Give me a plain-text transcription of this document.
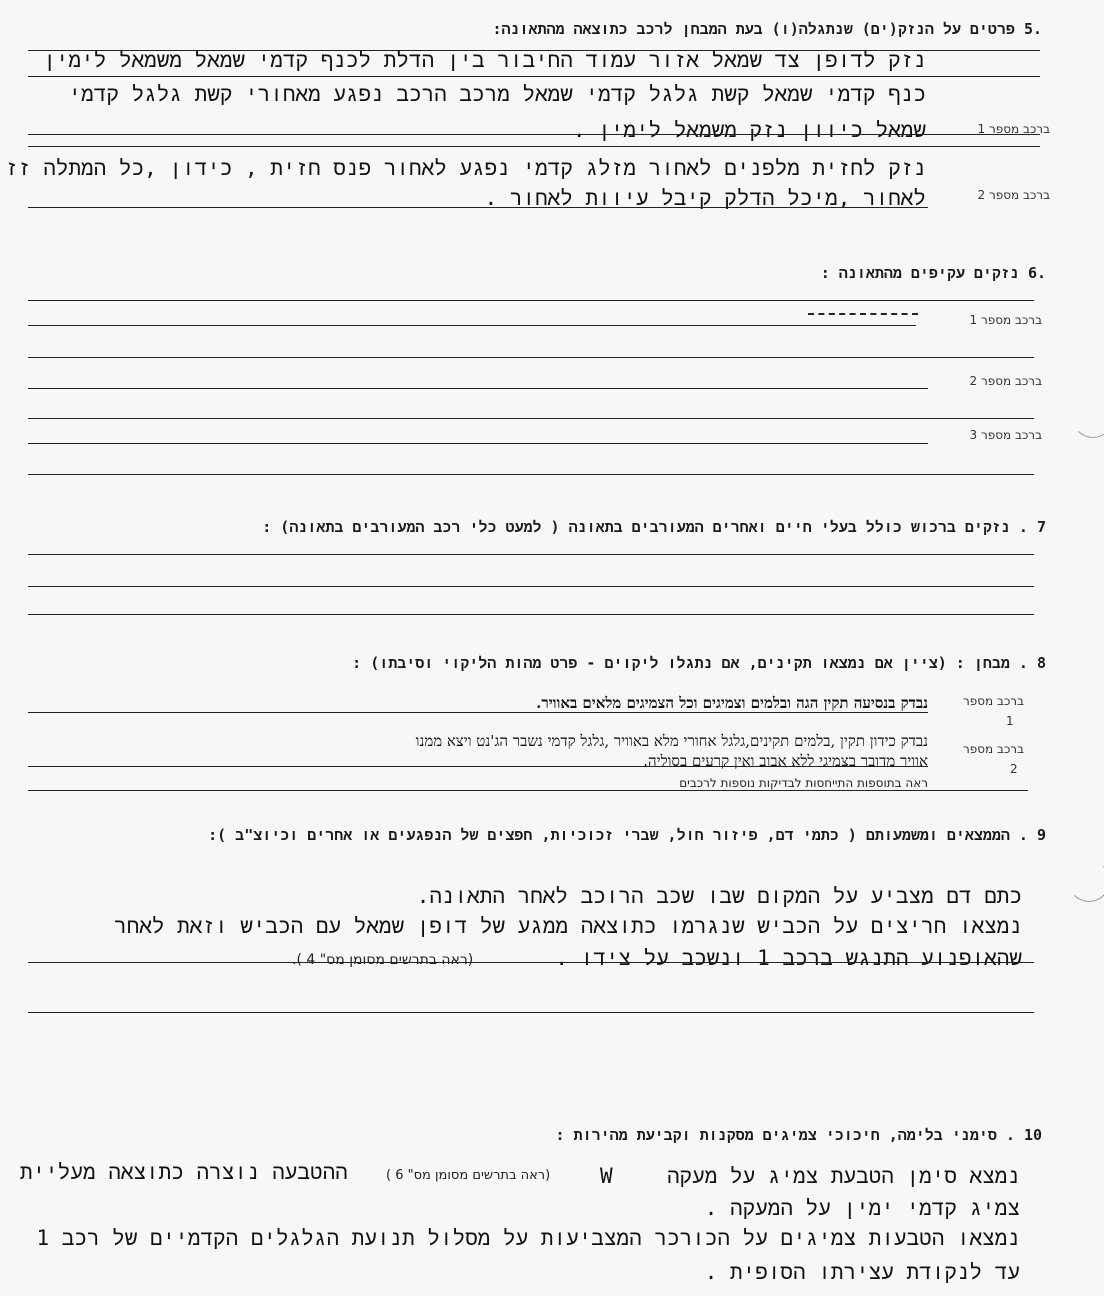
.5 פרטים על הנזק(ים) שנתגלה(ו) בעת המבחן לרכב כתוצאה מהתאונה:
נזק לדופן צד שמאל אזור עמוד החיבור בין הדלת לכנף קדמי שמאל משמאל לימין
כנף קדמי שמאל קשת גלגל קדמי שמאל מרכב הרכב נפגע מאחורי קשת גלגל קדמי
שמאל כיוון נזק משמאל לימין .	ברכב מספר 1
נזק לחזית מלפנים לאחור מזלג קדמי נפגע לאחור פנס חזית , כידון ,כל המתלה זז
לאחור ,מיכל הדלק קיבל עיוות לאחור .	ברכב מספר 2
.6 נזקים עקיפים מהתאונה :
ברכב מספר 1
ברכב מספר 2
ברכב מספר 3
7 . נזקים ברכוש כולל בעלי חיים ואחרים המעורבים בתאונה ( למעט כלי רכב המעורבים בתאונה) :
8 . מבחן : (ציין אם נמצאו תקינים, אם נתגלו ליקוים - פרט מהות הליקוי וסיבתו) :
ברכב מספר
1
נבדק בנסיעה תקין הגה ובלמים וצמיגים וכל הצמיגים מלאים באוויר.
נבדק כידון תקין ,בלמים תקינים,גלגל אחורי מלא באוויר ,גלגל קדמי נשבר הג'נט ויצא ממנו
אוויר מדובר בצמיגי ללא אבוב ואין קרעים בסוליה.
ברכב מספר
2
ראה בתוספות התייחסות לבדיקות נוספות לרכבים
9 . הממצאים ומשמעותם ( כתמי דם, פיזור חול, שברי זכוכיות, חפצים של הנפגעים או אחרים וכיוצ"ב ):
כתם דם מצביע על המקום שבו שכב הרוכב לאחר התאונה.
נמצאו חריצים על הכביש שנגרמו כתוצאה ממגע של דופן שמאל עם הכביש וזאת לאחר
שהאופנוע התנגש ברכב 1 ונשכב על צידו .
(ראה בתרשים מסומן מס" 4 ).
10 . סימני בלימה, חיכוכי צמיגים מסקנות וקביעת מהירות :
נמצא סימן הטבעת צמיג על מעקה
W
(ראה בתרשים מסומן מס" 6 )
ההטבעה נוצרה כתוצאה מעליית
צמיג קדמי ימין על המעקה .
נמצאו הטבעות צמיגים על הכורכר המצביעות על מסלול תנועת הגלגלים הקדמיים של רכב 1
עד לנקודת עצירתו הסופית .
